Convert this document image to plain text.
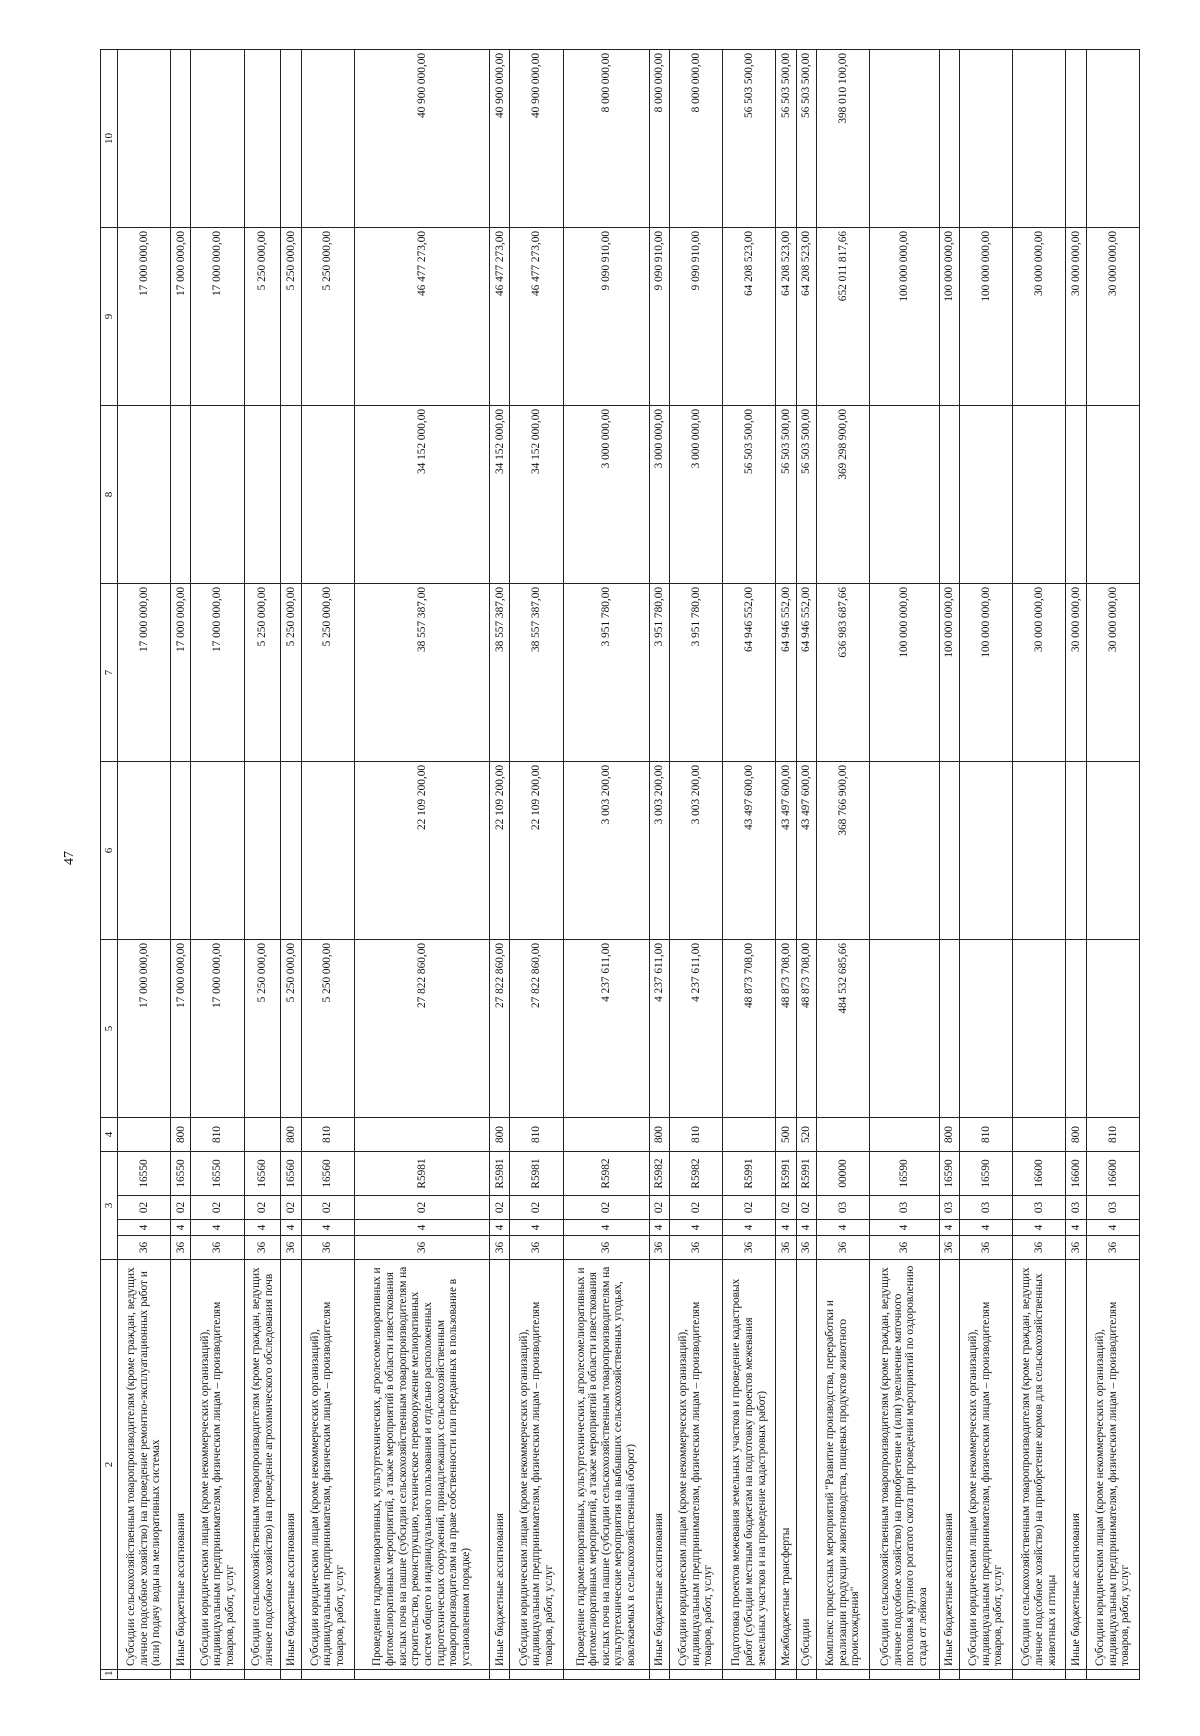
47
1	2	3				4	5	6	7	8	9	10
	Субсидии сельскохозяйственным товаропроизводителям (кроме граждан, ведущих личное подсобное хозяйство) на проведение ремонтно-эксплуатационных работ и (или) подачу воды на мелиоративных системах	36	4	02	16550		17 000 000,00		17 000 000,00		17 000 000,00	
	Иные бюджетные ассигнования	36	4	02	16550	800	17 000 000,00		17 000 000,00		17 000 000,00	
	Субсидии юридическим лицам (кроме некоммерческих организаций), индивидуальным предпринимателям, физическим лицам – производителям товаров, работ, услуг	36	4	02	16550	810	17 000 000,00		17 000 000,00		17 000 000,00	
	Субсидии сельскохозяйственным товаропроизводителям (кроме граждан, ведущих личное подсобное хозяйство) на проведение агрохимического обследования почв	36	4	02	16560		5 250 000,00		5 250 000,00		5 250 000,00	
	Иные бюджетные ассигнования	36	4	02	16560	800	5 250 000,00		5 250 000,00		5 250 000,00	
	Субсидии юридическим лицам (кроме некоммерческих организаций), индивидуальным предпринимателям, физическим лицам – производителям товаров, работ, услуг	36	4	02	16560	810	5 250 000,00		5 250 000,00		5 250 000,00	
	Проведение гидромелиоративных, культуртехнических, агролесомелиоративных и фитомелиоративных мероприятий, а также мероприятий в области известкования кислых почв на пашне (субсидии сельскохозяйственным товаропроизводителям на строительство, реконструкцию, техническое перевооружение мелиоративных систем общего и индивидуального пользования и отдельно расположенных гидротехнических сооружений, принадлежащих сельскохозяйственным товаропроизводителям на праве собственности или переданных в пользование в установленном порядке)	36	4	02	R5981		27 822 860,00	22 109 200,00	38 557 387,00	34 152 000,00	46 477 273,00	40 900 000,00
	Иные бюджетные ассигнования	36	4	02	R5981	800	27 822 860,00	22 109 200,00	38 557 387,00	34 152 000,00	46 477 273,00	40 900 000,00
	Субсидии юридическим лицам (кроме некоммерческих организаций), индивидуальным предпринимателям, физическим лицам – производителям товаров, работ, услуг	36	4	02	R5981	810	27 822 860,00	22 109 200,00	38 557 387,00	34 152 000,00	46 477 273,00	40 900 000,00
	Проведение гидромелиоративных, культуртехнических, агролесомелиоративных и фитомелиоративных мероприятий, а также мероприятий в области известкования кислых почв на пашне (субсидии сельскохозяйственным товаропроизводителям на культуртехнические мероприятия на выбывших сельскохозяйственных угодьях, вовлекаемых в сельскохозяйственный оборот)	36	4	02	R5982		4 237 611,00	3 003 200,00	3 951 780,00	3 000 000,00	9 090 910,00	8 000 000,00
	Иные бюджетные ассигнования	36	4	02	R5982	800	4 237 611,00	3 003 200,00	3 951 780,00	3 000 000,00	9 090 910,00	8 000 000,00
	Субсидии юридическим лицам (кроме некоммерческих организаций), индивидуальным предпринимателям, физическим лицам – производителям товаров, работ, услуг	36	4	02	R5982	810	4 237 611,00	3 003 200,00	3 951 780,00	3 000 000,00	9 090 910,00	8 000 000,00
	Подготовка проектов межевания земельных участков и проведение кадастровых работ (субсидии местным бюджетам на подготовку проектов межевания земельных участков и на проведение кадастровых работ)	36	4	02	R5991		48 873 708,00	43 497 600,00	64 946 552,00	56 503 500,00	64 208 523,00	56 503 500,00
	Межбюджетные трансферты	36	4	02	R5991	500	48 873 708,00	43 497 600,00	64 946 552,00	56 503 500,00	64 208 523,00	56 503 500,00
	Субсидии	36	4	02	R5991	520	48 873 708,00	43 497 600,00	64 946 552,00	56 503 500,00	64 208 523,00	56 503 500,00
	Комплекс процессных мероприятий "Развитие производства, переработки и реализации продукции животноводства, пищевых продуктов животного происхождения"	36	4	03	00000		484 532 685,66	368 766 900,00	636 983 687,66	369 298 900,00	652 011 817,66	398 010 100,00
	Субсидии сельскохозяйственным товаропроизводителям (кроме граждан, ведущих личное подсобное хозяйство) на приобретение и (или) увеличение маточного поголовья крупного рогатого скота при проведении мероприятий по оздоровлению стада от лейкоза	36	4	03	16590				100 000 000,00		100 000 000,00	
	Иные бюджетные ассигнования	36	4	03	16590	800			100 000 000,00		100 000 000,00	
	Субсидии юридическим лицам (кроме некоммерческих организаций), индивидуальным предпринимателям, физическим лицам – производителям товаров, работ, услуг	36	4	03	16590	810			100 000 000,00		100 000 000,00	
	Субсидии сельскохозяйственным товаропроизводителям (кроме граждан, ведущих личное подсобное хозяйство) на приобретение кормов для сельскохозяйственных животных и птицы	36	4	03	16600				30 000 000,00		30 000 000,00	
	Иные бюджетные ассигнования	36	4	03	16600	800			30 000 000,00		30 000 000,00	
	Субсидии юридическим лицам (кроме некоммерческих организаций), индивидуальным предпринимателям, физическим лицам – производителям товаров, работ, услуг	36	4	03	16600	810			30 000 000,00		30 000 000,00	
